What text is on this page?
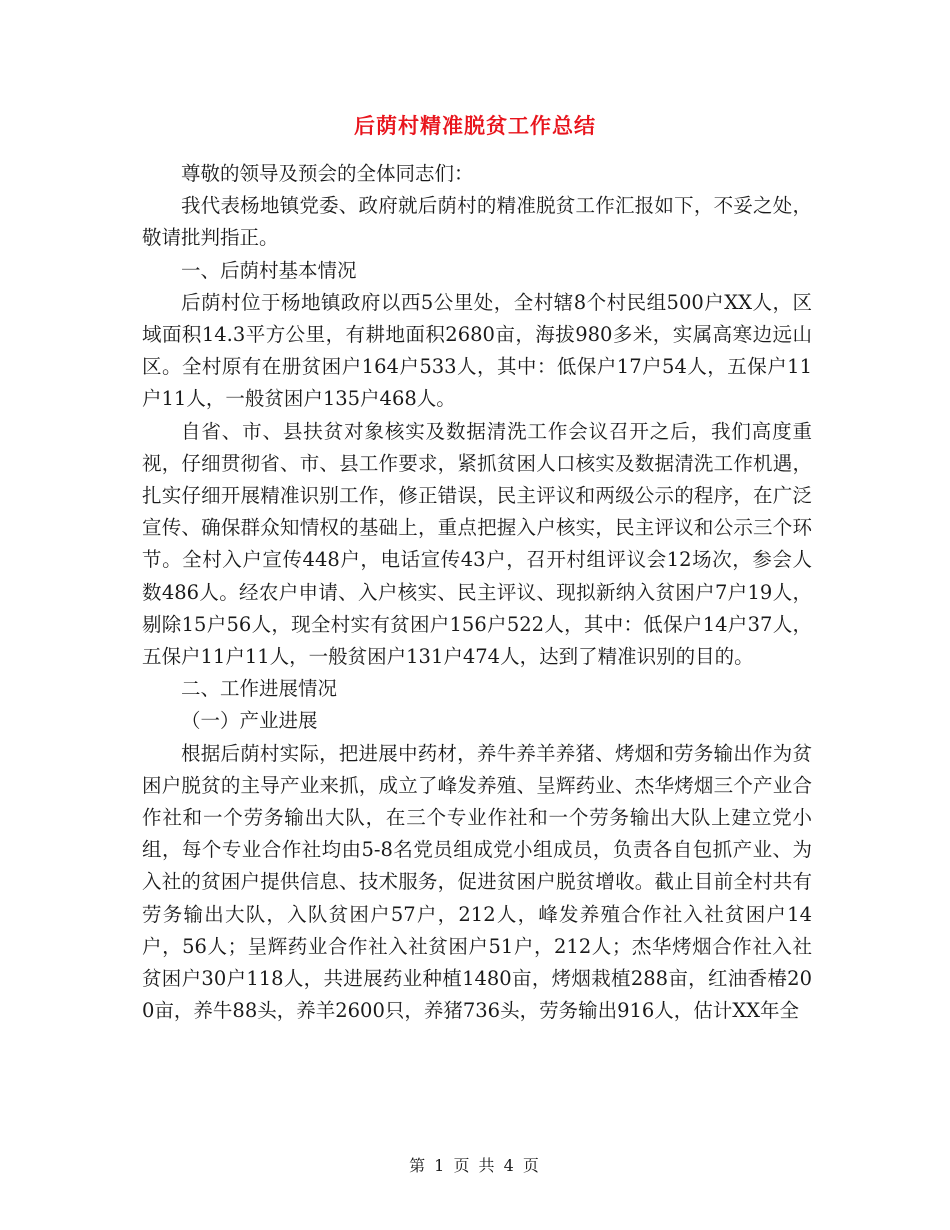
后荫村精准脱贫工作总结

尊敬的领导及预会的全体同志们：

我代表杨地镇党委、政府就后荫村的精准脱贫工作汇报如下，不妥之处，敬请批判指正。

一、后荫村基本情况

后荫村位于杨地镇政府以西5公里处，全村辖8个村民组500户XX人，区域面积14.3平方公里，有耕地面积2680亩，海拔980多米，实属高寒边远山区。全村原有在册贫困户164户533人，其中：低保户17户54人，五保户11户11人，一般贫困户135户468人。

自省、市、县扶贫对象核实及数据清洗工作会议召开之后，我们高度重视，仔细贯彻省、市、县工作要求，紧抓贫困人口核实及数据清洗工作机遇，扎实仔细开展精准识别工作，修正错误，民主评议和两级公示的程序，在广泛宣传、确保群众知情权的基础上，重点把握入户核实，民主评议和公示三个环节。全村入户宣传448户，电话宣传43户，召开村组评议会12场次，参会人数486人。经农户申请、入户核实、民主评议、现拟新纳入贫困户7户19人，剔除15户56人，现全村实有贫困户156户522人，其中：低保户14户37人，五保户11户11人，一般贫困户131户474人，达到了精准识别的目的。

二、工作进展情况

（一）产业进展

根据后荫村实际，把进展中药材，养牛养羊养猪、烤烟和劳务输出作为贫困户脱贫的主导产业来抓，成立了峰发养殖、呈辉药业、杰华烤烟三个产业合作社和一个劳务输出大队，在三个专业作社和一个劳务输出大队上建立党小组，每个专业合作社均由5-8名党员组成党小组成员，负责各自包抓产业、为入社的贫困户提供信息、技术服务，促进贫困户脱贫增收。截止目前全村共有劳务输出大队，入队贫困户57户，212人，峰发养殖合作社入社贫困户14户，56人；呈辉药业合作社入社贫困户51户，212人；杰华烤烟合作社入社贫困户30户118人，共进展药业种植1480亩，烤烟栽植288亩，红油香椿200亩，养牛88头，养羊2600只，养猪736头，劳务输出916人，估计XX年全

第 1 页 共 4 页
